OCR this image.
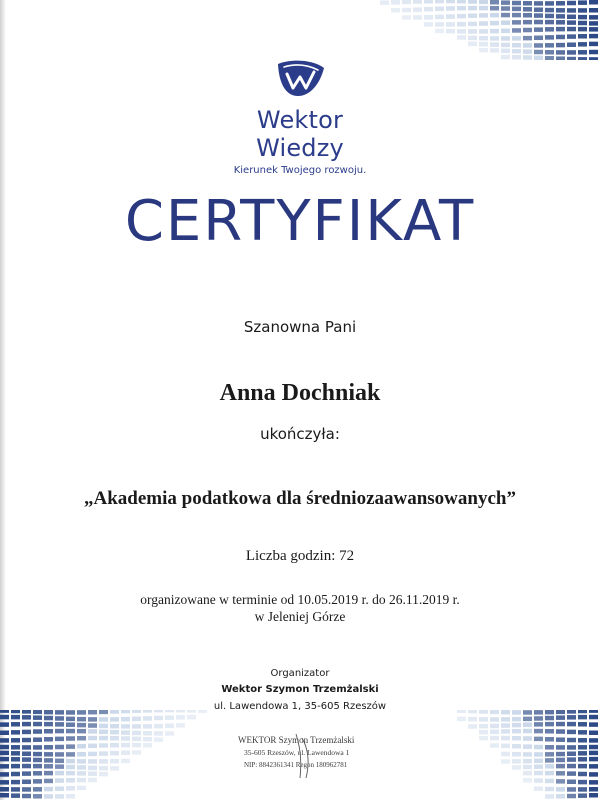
Wektor Wiedzy
Kierunek Twojego rozwoju.
CERTYFIKAT
Szanowna Pani
Anna Dochniak
ukończyła:
„Akademia podatkowa dla średniozaawansowanych”
Liczba godzin: 72
organizowane w terminie od 10.05.2019 r. do 26.11.2019 r.
w Jeleniej Górze
Organizator
Wektor Szymon Trzemżalski
ul. Lawendowa 1, 35-605 Rzeszów
WEKTOR Szymon Trzemżalski
35-605 Rzeszów, ul. Lawendowa 1
NIP: 8842361341 Regon 180962781
